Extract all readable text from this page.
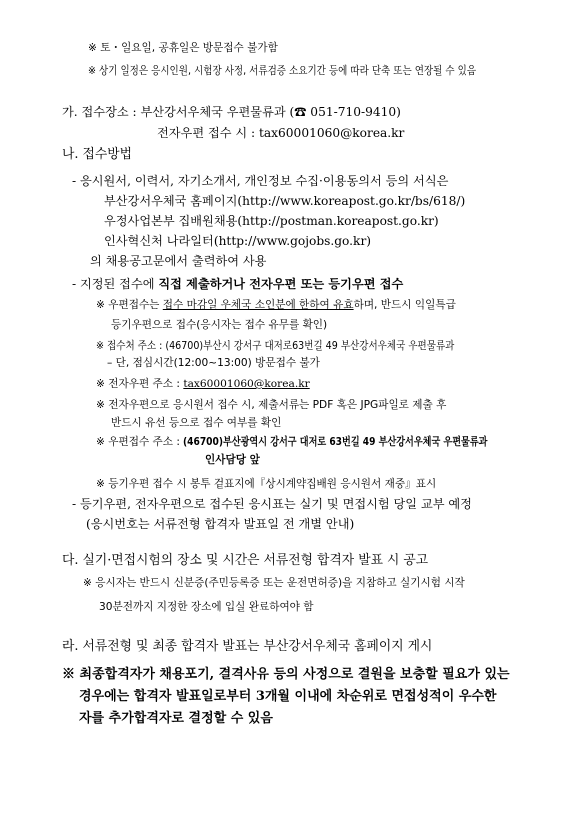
※ 토・일요일, 공휴일은 방문접수 불가함
※ 상기 일정은 응시인원, 시험장 사정, 서류검증 소요기간 등에 따라 단축 또는 연장될 수 있음
가. 접수장소 : 부산강서우체국 우편물류과 (☎ 051-710-9410)
전자우편 접수 시 : tax60001060@korea.kr
나. 접수방법
- 응시원서, 이력서, 자기소개서, 개인정보 수집·이용동의서 등의 서식은
부산강서우체국 홈페이지(http://www.koreapost.go.kr/bs/618/)
우정사업본부 집배원채용(http://postman.koreapost.go.kr)
인사혁신처 나라일터(http://www.gojobs.go.kr)
의 채용공고문에서 출력하여 사용
- 지정된 접수에 직접 제출하거나 전자우편 또는 등기우편 접수
※ 우편접수는 접수 마감일 우체국 소인분에 한하여 유효하며, 반드시 익일특급
등기우편으로 접수(응시자는 접수 유무를 확인)
※ 접수처 주소 : (46700)부산시 강서구 대저로63번길 49 부산강서우체국 우편물류과
– 단, 점심시간(12:00~13:00) 방문접수 불가
※ 전자우편 주소 : tax60001060@korea.kr
※ 전자우편으로 응시원서 접수 시, 제출서류는 PDF 혹은 JPG파일로 제출 후
반드시 유선 등으로 접수 여부를 확인
※ 우편접수 주소 : (46700)부산광역시 강서구 대저로 63번길 49 부산강서우체국 우편물류과
인사담당 앞
※ 등기우편 접수 시 봉투 겉표지에『상시계약집배원 응시원서 재중』표시
- 등기우편, 전자우편으로 접수된 응시표는 실기 및 면접시험 당일 교부 예정
(응시번호는 서류전형 합격자 발표일 전 개별 안내)
다. 실기·면접시험의 장소 및 시간은 서류전형 합격자 발표 시 공고
※ 응시자는 반드시 신분증(주민등록증 또는 운전면허증)을 지참하고 실기시험 시작
30분전까지 지정한 장소에 입실 완료하여야 함
라. 서류전형 및 최종 합격자 발표는 부산강서우체국 홈페이지 게시
※ 최종합격자가 채용포기, 결격사유 등의 사정으로 결원을 보충할 필요가 있는
경우에는 합격자 발표일로부터 3개월 이내에 차순위로 면접성적이 우수한
자를 추가합격자로 결정할 수 있음
